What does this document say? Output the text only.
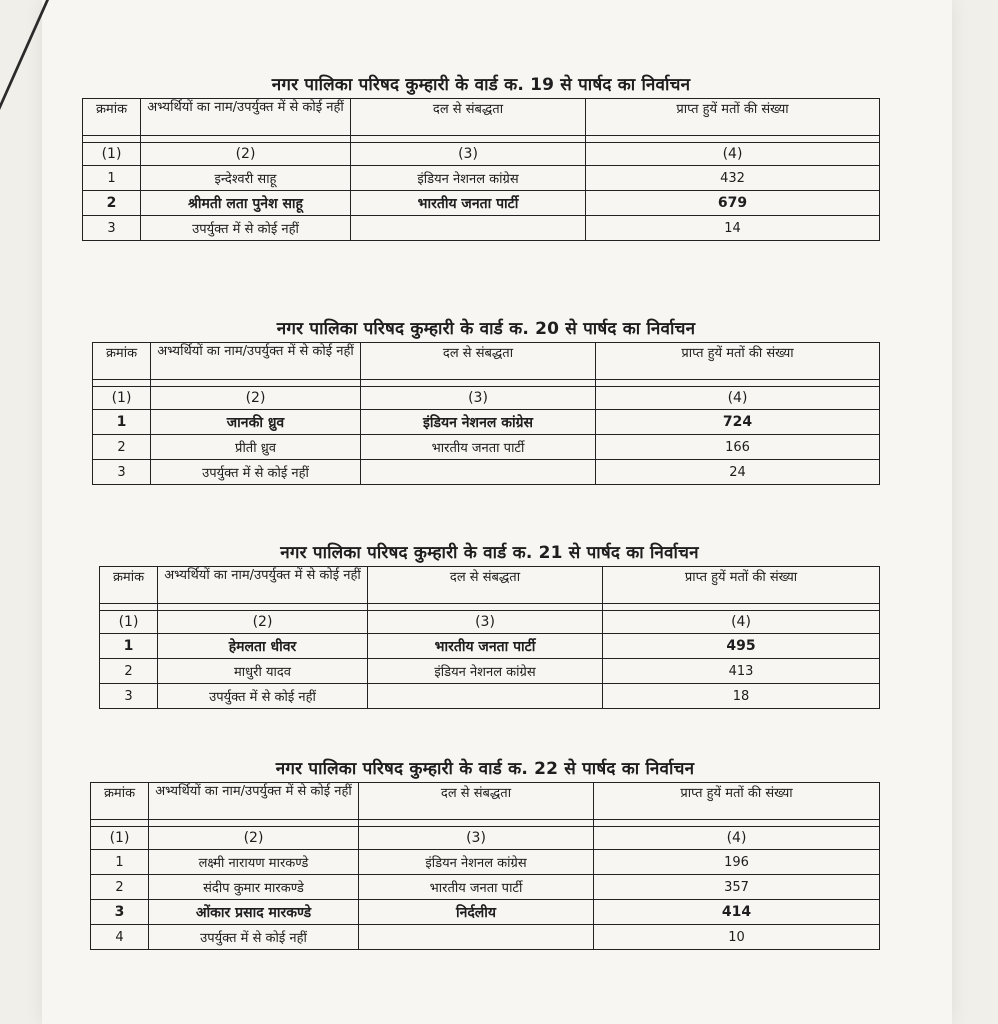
नगर पालिका परिषद कुम्हारी के वार्ड क. 19 से पार्षद का निर्वाचन
क्रमांक	अभ्यर्थियों का नाम/उपर्युक्त में से कोई नहीं	दल से संबद्धता	प्राप्त हुयें मतों की संख्या

(1)	(2)	(3)	(4)
1	इन्देश्वरी साहू	इंडियन नेशनल कांग्रेस	432
2	श्रीमती लता पुनेश साहू	भारतीय जनता पार्टी	679
3	उपर्युक्त में से कोई नहीं		14
नगर पालिका परिषद कुम्हारी के वार्ड क. 20 से पार्षद का निर्वाचन
क्रमांक	अभ्यर्थियों का नाम/उपर्युक्त में से कोई नहीं	दल से संबद्धता	प्राप्त हुयें मतों की संख्या

(1)	(2)	(3)	(4)
1	जानकी ध्रुव	इंडियन नेशनल कांग्रेस	724
2	प्रीती ध्रुव	भारतीय जनता पार्टी	166
3	उपर्युक्त में से कोई नहीं		24
नगर पालिका परिषद कुम्हारी के वार्ड क. 21 से पार्षद का निर्वाचन
क्रमांक	अभ्यर्थियों का नाम/उपर्युक्त में से कोई नहीं	दल से संबद्धता	प्राप्त हुयें मतों की संख्या

(1)	(2)	(3)	(4)
1	हेमलता धीवर	भारतीय जनता पार्टी	495
2	माधुरी यादव	इंडियन नेशनल कांग्रेस	413
3	उपर्युक्त में से कोई नहीं		18
नगर पालिका परिषद कुम्हारी के वार्ड क. 22 से पार्षद का निर्वाचन
क्रमांक	अभ्यर्थियों का नाम/उपर्युक्त में से कोई नहीं	दल से संबद्धता	प्राप्त हुयें मतों की संख्या

(1)	(2)	(3)	(4)
1	लक्ष्मी नारायण मारकण्डे	इंडियन नेशनल कांग्रेस	196
2	संदीप कुमार मारकण्डे	भारतीय जनता पार्टी	357
3	ओंकार प्रसाद मारकण्डे	निर्दलीय	414
4	उपर्युक्त में से कोई नहीं		10
